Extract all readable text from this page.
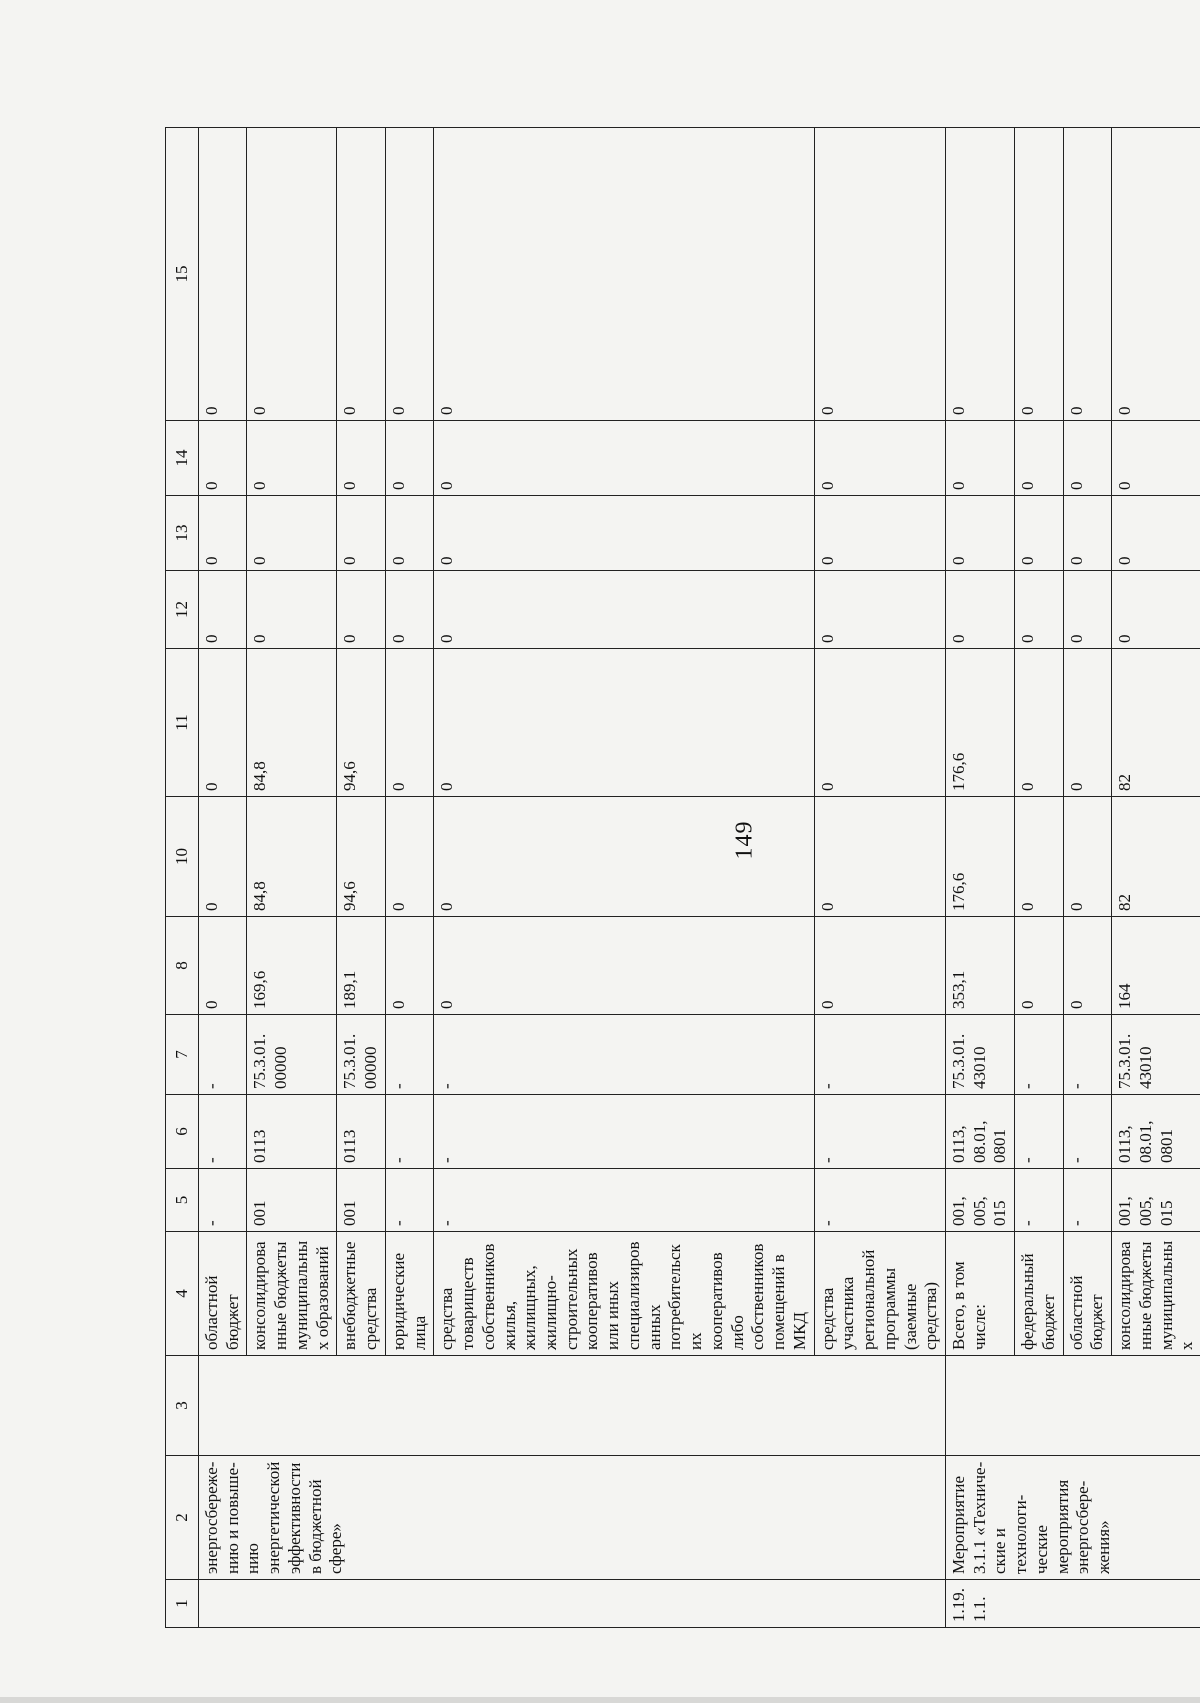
149
1	2	3	4	5	6	7	8	10	11	12	13	14	15
	энергосбережению и повышению энергетической эффективности в бюджетной сфере»		областной бюджет	-	-	-	0	0	0	0	0	0	0
			консолидированные бюджеты муниципальных образований	001	0113	75.3.01. 00000	169,6	84,8	84,8	0	0	0	0
			внебюджетные средства	001	0113	75.3.01. 00000	189,1	94,6	94,6	0	0	0	0
			юридические лица	-	-	-	0	0	0	0	0	0	0
			средства товариществ собственников жилья, жилищных, жилищно-строительных кооперативов или иных специализированных потребительских кооперативов либо собственников помещений в МКД	-	-	-	0	0	0	0	0	0	0
			средства участника региональной программы (заемные средства)	-	-	-	0	0	0	0	0	0	0
1.19.1.1.	Мероприятие 3.1.1 «Технические и технологические мероприятия энергосбережения»		Всего, в том числе:	001, 005, 015	0113, 08.01, 0801	75.3.01. 43010	353,1	176,6	176,6	0	0	0	0
			федеральный бюджет	-	-	-	0	0	0	0	0	0	0
			областной бюджет	-	-	-	0	0	0	0	0	0	0
			консолидированные бюджеты муниципальных	001, 005, 015	0113, 08.01, 0801	75.3.01. 43010	164	82	82	0	0	0	0
